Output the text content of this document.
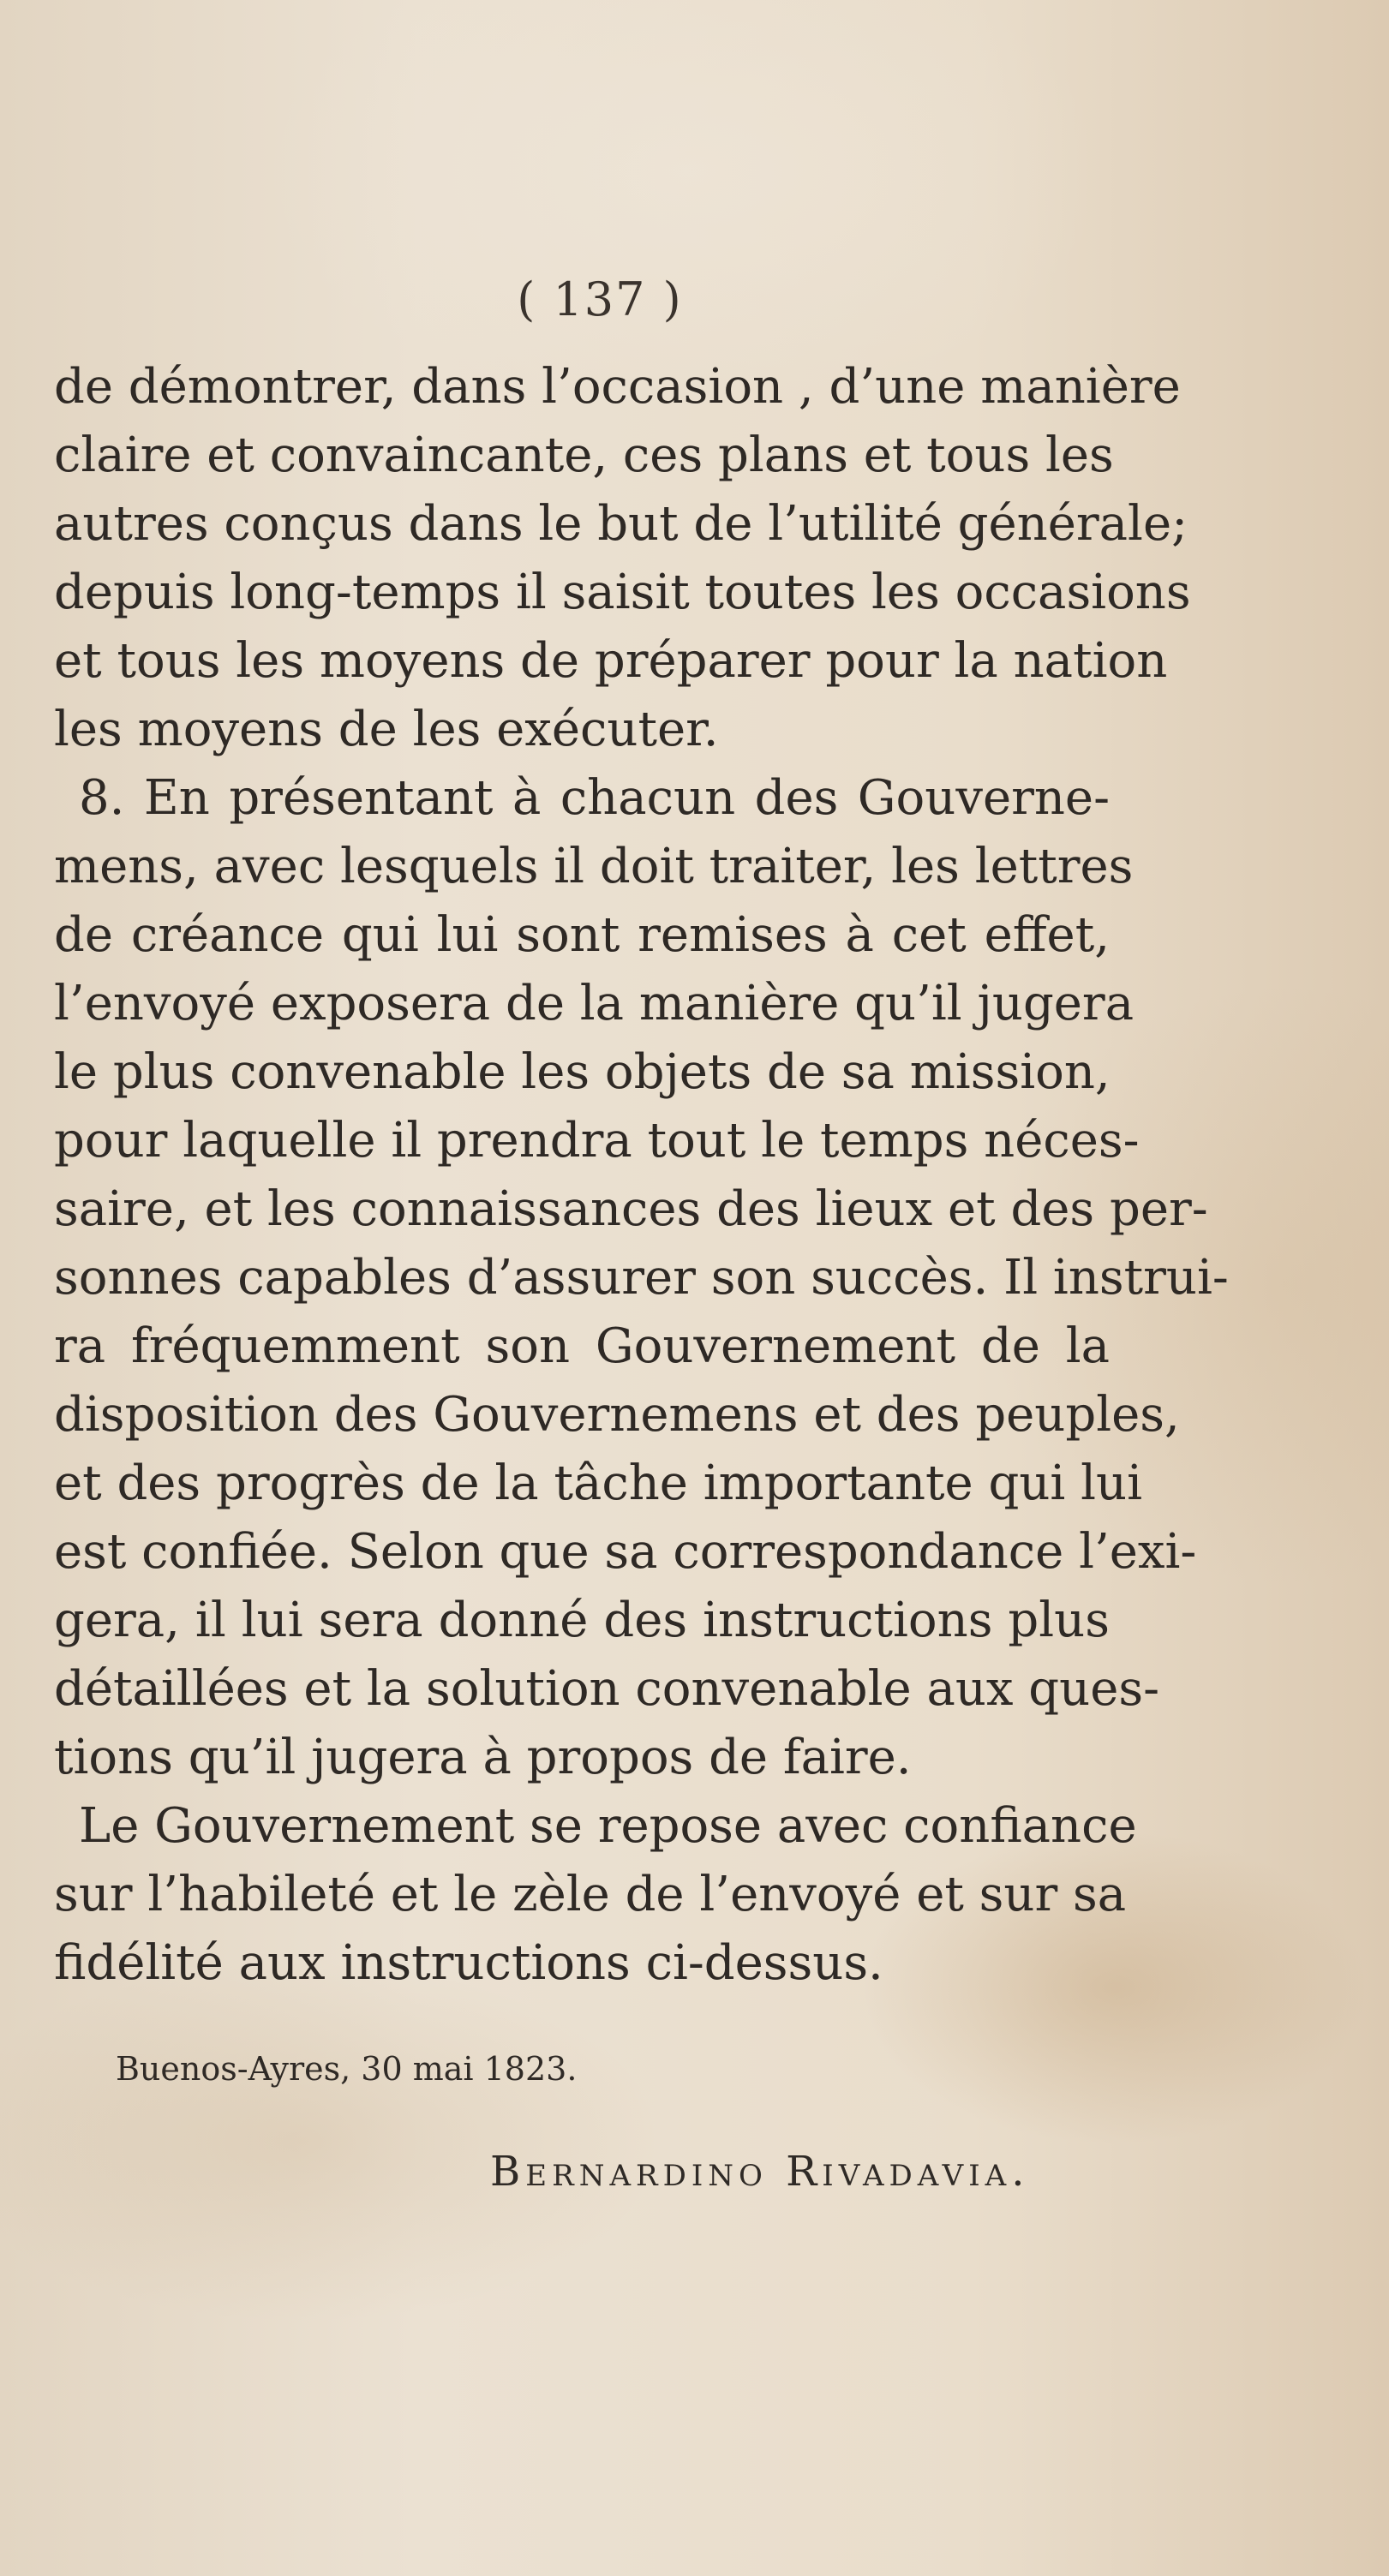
( 137 )
de démontrer, dans l’occasion , d’une manière
claire et convaincante, ces plans et tous les
autres conçus dans le but de l’utilité générale;
depuis long-temps il saisit toutes les occasions
et tous les moyens de préparer pour la nation
les moyens de les exécuter.
8. En présentant à chacun des Gouverne-
mens, avec lesquels il doit traiter, les lettres
de créance qui lui sont remises à cet effet,
l’envoyé exposera de la manière qu’il jugera
le plus convenable les objets de sa mission,
pour laquelle il prendra tout le temps néces-
saire, et les connaissances des lieux et des per-
sonnes capables d’assurer son succès. Il instrui-
ra fréquemment son Gouvernement de la
disposition des Gouvernemens et des peuples,
et des progrès de la tâche importante qui lui
est confiée. Selon que sa correspondance l’exi-
gera, il lui sera donné des instructions plus
détaillées et la solution convenable aux ques-
tions qu’il jugera à propos de faire.
Le Gouvernement se repose avec confiance
sur l’habileté et le zèle de l’envoyé et sur sa
fidélité aux instructions ci-dessus.
Buenos-Ayres, 30 mai 1823.
Bernardino Rivadavia.
